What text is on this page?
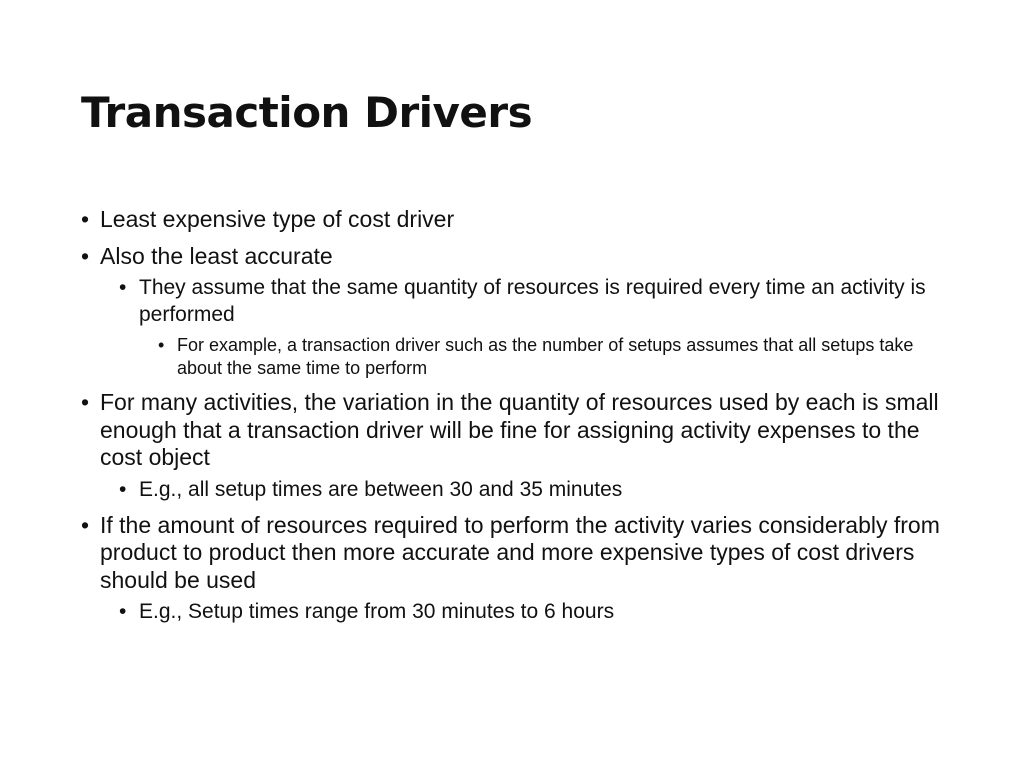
Transaction Drivers
• Least expensive type of cost driver
• Also the least accurate
• They assume that the same quantity of resources is required every time an activity is performed
• For example, a transaction driver such as the number of setups assumes that all setups take about the same time to perform
• For many activities, the variation in the quantity of resources used by each is small enough that a transaction driver will be fine for assigning activity expenses to the cost object
• E.g., all setup times are between 30 and 35 minutes
• If the amount of resources required to perform the activity varies considerably from product to product then more accurate and more expensive types of cost drivers should be used
• E.g., Setup times range from 30 minutes to 6 hours
